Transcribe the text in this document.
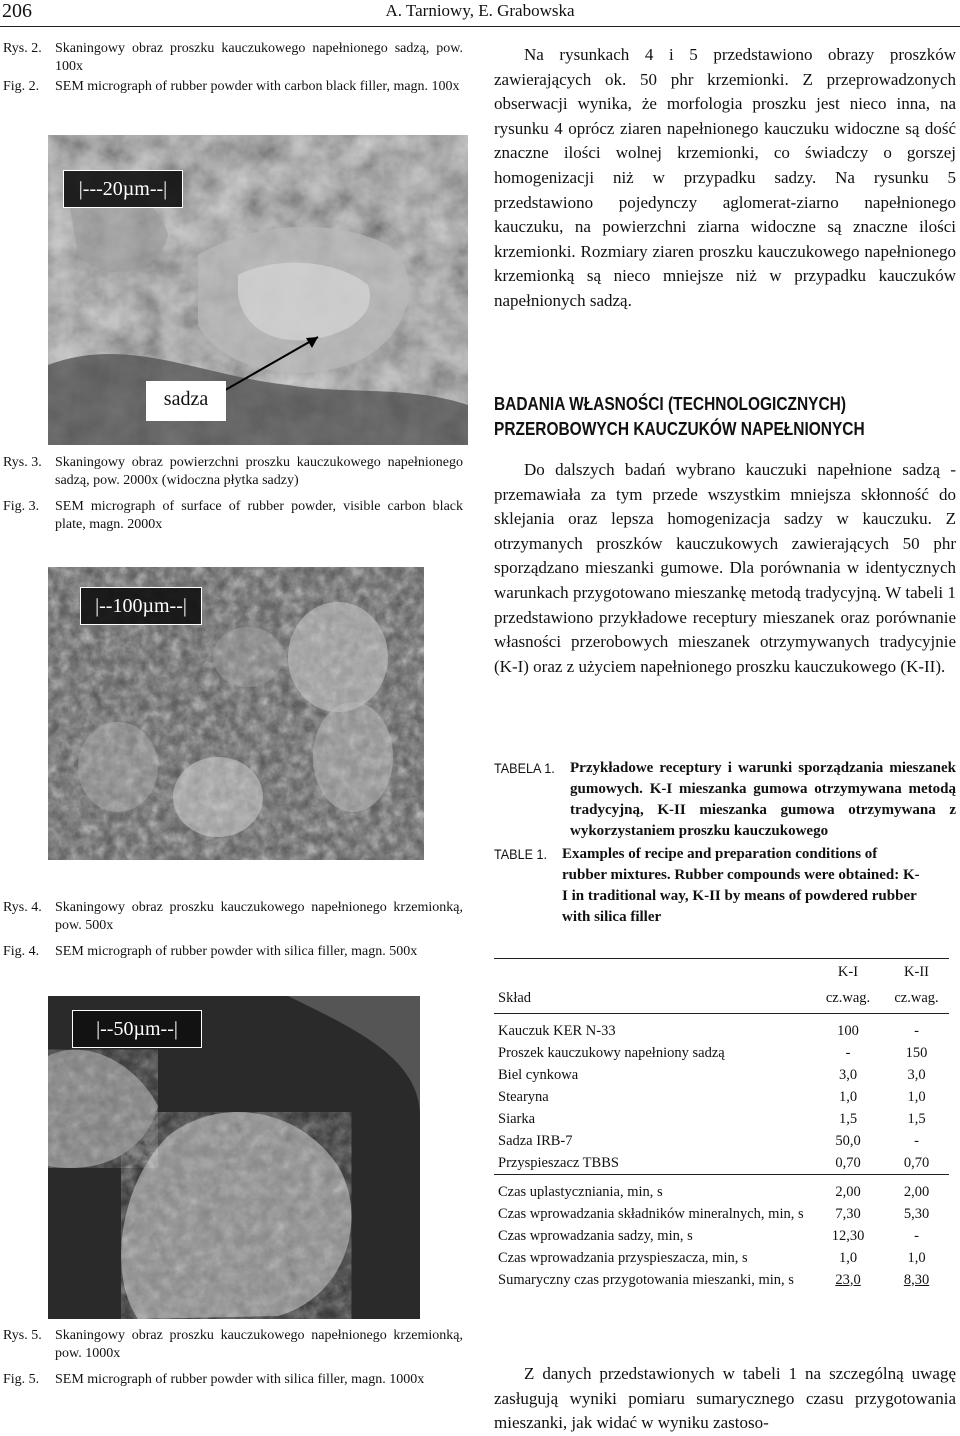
206	A. Tarniowy, E. Grabowska
Rys. 2. Skaningowy obraz proszku kauczukowego napełnionego sadzą, pow. 100x
Fig. 2. SEM micrograph of rubber powder with carbon black filler, magn. 100x
|---20µm--|
sadza
Rys. 3. Skaningowy obraz powierzchni proszku kauczukowego napełnionego sadzą, pow. 2000x (widoczna płytka sadzy)
Fig. 3. SEM micrograph of surface of rubber powder, visible carbon black plate, magn. 2000x
|--100µm--|
Rys. 4. Skaningowy obraz proszku kauczukowego napełnionego krzemionką, pow. 500x
Fig. 4. SEM micrograph of rubber powder with silica filler, magn. 500x
|--50µm--|
Rys. 5. Skaningowy obraz proszku kauczukowego napełnionego krzemionką, pow. 1000x
Fig. 5. SEM micrograph of rubber powder with silica filler, magn. 1000x
Na rysunkach 4 i 5 przedstawiono obrazy proszków zawierających ok. 50 phr krzemionki. Z przeprowadzonych obserwacji wynika, że morfologia proszku jest nieco inna, na rysunku 4 oprócz ziaren napełnionego kauczuku widoczne są dość znaczne ilości wolnej krzemionki, co świadczy o gorszej homogenizacji niż w przypadku sadzy. Na rysunku 5 przedstawiono pojedynczy aglomerat-ziarno napełnionego kauczuku, na powierzchni ziarna widoczne są znaczne ilości krzemionki. Rozmiary ziaren proszku kauczukowego napełnionego krzemionką są nieco mniejsze niż w przypadku kauczuków napełnionych sadzą.
BADANIA WŁASNOŚCI (TECHNOLOGICZNYCH)
PRZEROBOWYCH KAUCZUKÓW NAPEŁNIONYCH
Do dalszych badań wybrano kauczuki napełnione sadzą - przemawiała za tym przede wszystkim mniejsza skłonność do sklejania oraz lepsza homogenizacja sadzy w kauczuku. Z otrzymanych proszków kauczukowych zawierających 50 phr sporządzano mieszanki gumowe. Dla porównania w identycznych warunkach przygotowano mieszankę metodą tradycyjną. W tabeli 1 przedstawiono przykładowe receptury mieszanek oraz porównanie własności przerobowych mieszanek otrzymywanych tradycyjnie (K-I) oraz z użyciem napełnionego proszku kauczukowego (K-II).
TABELA 1. Przykładowe receptury i warunki sporządzania mieszanek gumowych. K-I mieszanka gumowa otrzymywana metodą tradycyjną, K-II mieszanka gumowa otrzymywana z wykorzystaniem proszku kauczukowego
TABLE 1. Examples of recipe and preparation conditions of rubber mixtures. Rubber compounds were obtained: K-I in traditional way, K-II by means of powdered rubber with silica filler
	K-I	K-II
Skład	cz.wag.	cz.wag.
Kauczuk KER N-33	100	-
Proszek kauczukowy napełniony sadzą	-	150
Biel cynkowa	3,0	3,0
Stearyna	1,0	1,0
Siarka	1,5	1,5
Sadza IRB-7	50,0	-
Przyspieszacz TBBS	0,70	0,70
Czas uplastyczniania, min, s	2,00	2,00
Czas wprowadzania składników mineralnych, min, s	7,30	5,30
Czas wprowadzania sadzy, min, s	12,30	-
Czas wprowadzania przyspieszacza, min, s	1,0	1,0
Sumaryczny czas przygotowania mieszanki, min, s	23,0	8,30
Z danych przedstawionych w tabeli 1 na szczególną uwagę zasługują wyniki pomiaru sumarycznego czasu przygotowania mieszanki, jak widać w wyniku zastoso-
